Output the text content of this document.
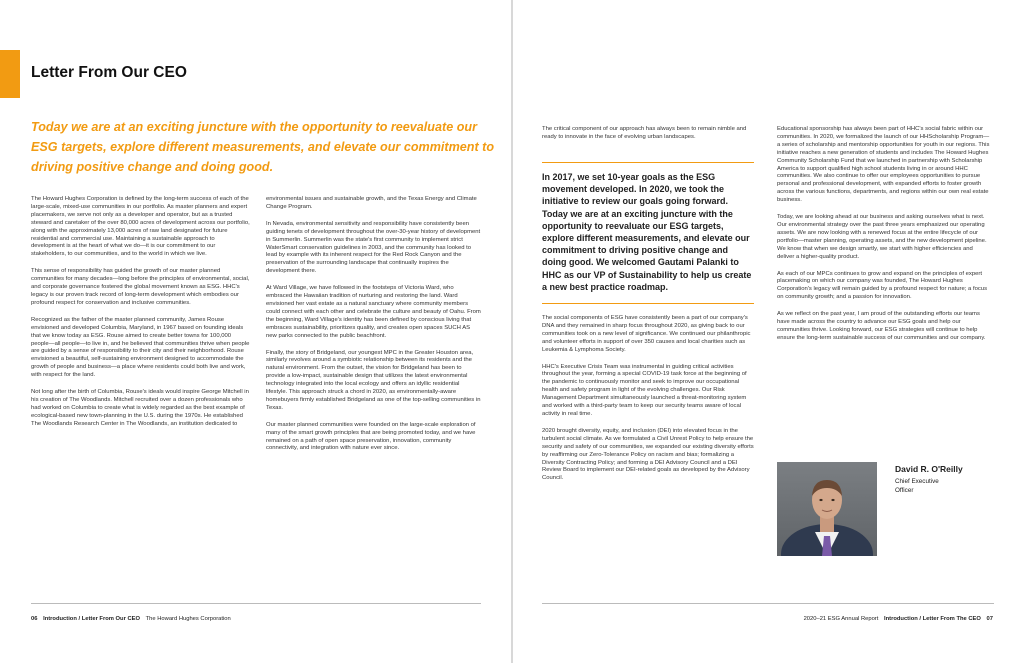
Letter From Our CEO
Today we are at an exciting juncture with the opportunity to reevaluate our ESG targets, explore different measurements, and elevate our commitment to driving positive change and doing good.

The Howard Hughes Corporation is defined by the long-term success of each of the large-scale, mixed-use communities in our portfolio. As master planners and expert placemakers, we serve not only as a developer and operator, but as a trusted steward and caretaker of the over 80,000 acres of development across our portfolio, along with the approximately 13,000 acres of raw land designated for future residential and commercial use. Maintaining a sustainable approach to development is at the heart of what we do—it is our commitment to our stakeholders, to our communities, and to the world in which we live.

This sense of responsibility has guided the growth of our master planned communities for many decades—long before the principles of environmental, social, and corporate governance fostered the global movement known as ESG. HHC's legacy is our proven track record of long-term development which embodies our profound respect for conservation and inclusive communities.

Recognized as the father of the master planned community, James Rouse envisioned and developed Columbia, Maryland, in 1967 based on founding ideals that we know today as ESG. Rouse aimed to create better towns for 100,000 people—all people—to live in, and he believed that communities thrive when people are guided by a sense of responsibility to their city and their neighborhood. Rouse envisioned a beautiful, self-sustaining environment designed to accommodate the growth of people and business—a place where residents could both live and work, with respect for the land.

Not long after the birth of Columbia, Rouse's ideals would inspire George Mitchell in his creation of The Woodlands. Mitchell recruited over a dozen professionals who had worked on Columbia to create what is widely regarded as the best example of ecological-based new town-planning in the U.S. during the 1970s. He established The Woodlands Research Center in The Woodlands, an institution dedicated to

environmental issues and sustainable growth, and the Texas Energy and Climate Change Program.

In Nevada, environmental sensitivity and responsibility have consistently been guiding tenets of development throughout the over-30-year history of development in Summerlin. Summerlin was the state's first community to implement strict WaterSmart conservation guidelines in 2003, and the community has looked to lead by example with its inherent respect for the Red Rock Canyon and the preservation of the surrounding landscape that continually inspires the development there.

At Ward Village, we have followed in the footsteps of Victoria Ward, who embraced the Hawaiian tradition of nurturing and restoring the land. Ward envisioned her vast estate as a natural sanctuary where community members could connect with each other and celebrate the culture and beauty of Oahu. From the beginning, Ward Village's identity has been defined by conscious living that embraces sustainability, prioritizes quality, and creates open spaces SUCH AS new parks connected to the public beachfront.

Finally, the story of Bridgeland, our youngest MPC in the Greater Houston area, similarly revolves around a symbiotic relationship between its residents and the natural environment. From the outset, the vision for Bridgeland has been to provide a low-impact, sustainable design that utilizes the latest environmental technology integrated into the local ecology and offers an idyllic residential lifestyle. This approach struck a chord in 2020, as environmentally-aware homebuyers firmly established Bridgeland as one of the top-selling communities in Texas.

Our master planned communities were founded on the large-scale exploration of many of the smart growth principles that are being promoted today, and we have remained on a path of open space preservation, innovation, community connectivity, and integration with nature ever since.

06 Introduction / Letter From Our CEO The Howard Hughes Corporation

The critical component of our approach has always been to remain nimble and ready to innovate in the face of evolving urban landscapes.

In 2017, we set 10-year goals as the ESG movement developed. In 2020, we took the initiative to review our goals going forward. Today we are at an exciting juncture with the opportunity to reevaluate our ESG targets, explore different measurements, and elevate our commitment to driving positive change and doing good. We welcomed Gautami Palanki to HHC as our VP of Sustainability to help us create a new best practice roadmap.

The social components of ESG have consistently been a part of our company's DNA and they remained in sharp focus throughout 2020, as giving back to our communities took on a new level of significance. We continued our philanthropic and volunteer efforts in support of over 350 causes and local charities such as Leukemia & Lymphoma Society.

HHC's Executive Crisis Team was instrumental in guiding critical activities throughout the year, forming a special COVID-19 task force at the beginning of the pandemic to continuously monitor and seek to improve our occupational health and safety program in light of the evolving challenges. Our Risk Management Department simultaneously launched a threat-monitoring system and worked with a third-party team to keep our security teams aware of local activity in real time.

2020 brought diversity, equity, and inclusion (DEI) into elevated focus in the turbulent social climate. As we formulated a Civil Unrest Policy to help ensure the security and safety of our communities, we expanded our existing diversity efforts by reaffirming our Zero-Tolerance Policy on racism and bias; formalizing a Diversity Contracting Policy; and forming a DEI Advisory Council and a DEI Review Board to implement our DEI-related goals as developed by the Advisory Council.

Educational sponsorship has always been part of HHC's social fabric within our communities. In 2020, we formalized the launch of our HHScholarship Program—a series of scholarship and mentorship opportunities for youth in our regions. This initiative reaches a new generation of students and includes The Howard Hughes Community Scholarship Fund that we launched in partnership with Scholarship America to support qualified high school students living in or around HHC communities. We also continue to offer our employees opportunities to pursue personal and professional development, with expanded efforts to foster growth across the various functions, departments, and regions within our own real estate business.

Today, we are looking ahead at our business and asking ourselves what is next. Our environmental strategy over the past three years emphasized our operating assets. We are now looking with a renewed focus at the entire lifecycle of our portfolio—master planning, operating assets, and the new development pipeline. We know that when we design smartly, we start with higher efficiencies and deliver a higher-quality product.

As each of our MPCs continues to grow and expand on the principles of expert placemaking on which our company was founded, The Howard Hughes Corporation's legacy will remain guided by a profound respect for nature; a focus on community growth; and a passion for innovation.

As we reflect on the past year, I am proud of the outstanding efforts our teams have made across the country to advance our ESG goals and help our communities thrive. Looking forward, our ESG strategies will continue to help ensure the long-term sustainable success of our communities and our company.

David R. O'Reilly
Chief Executive
Officer
2020–21 ESG Annual Report Introduction / Letter From The CEO 07
